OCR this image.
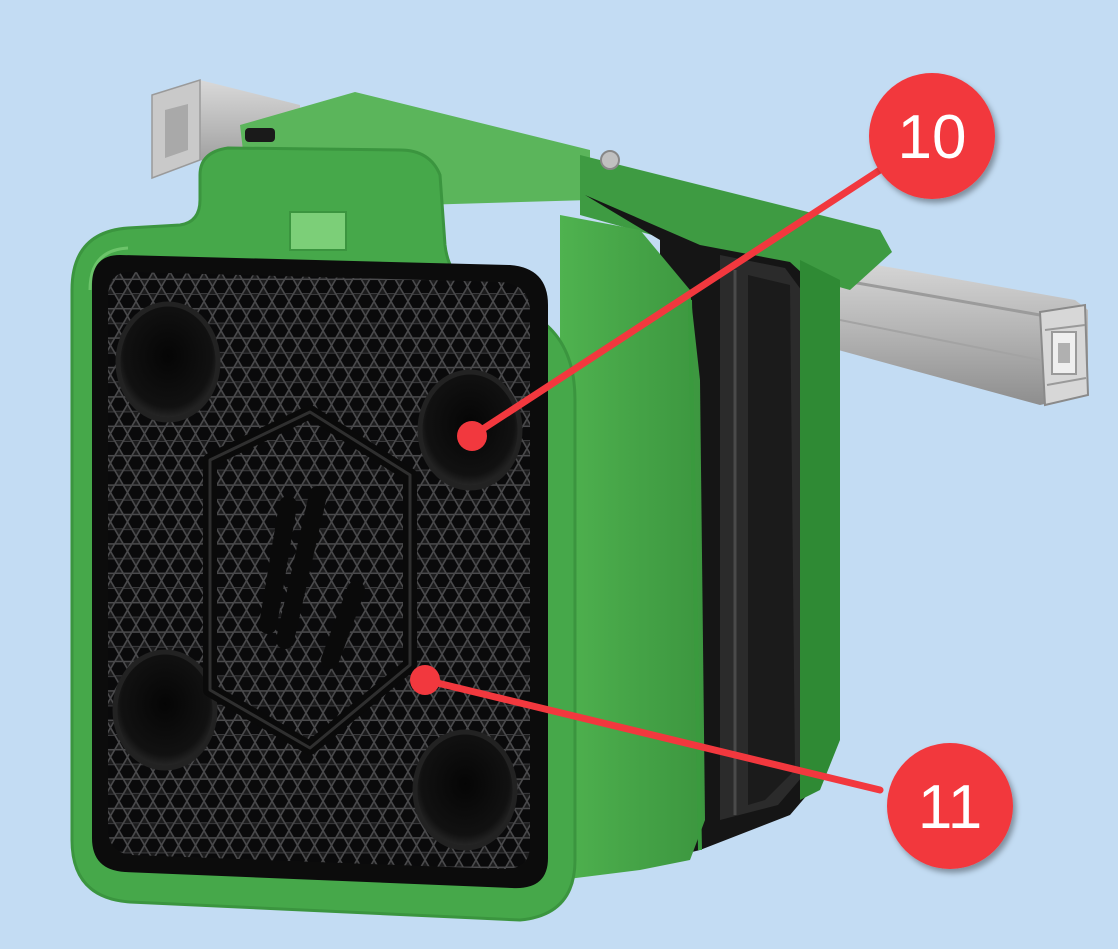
10
11
